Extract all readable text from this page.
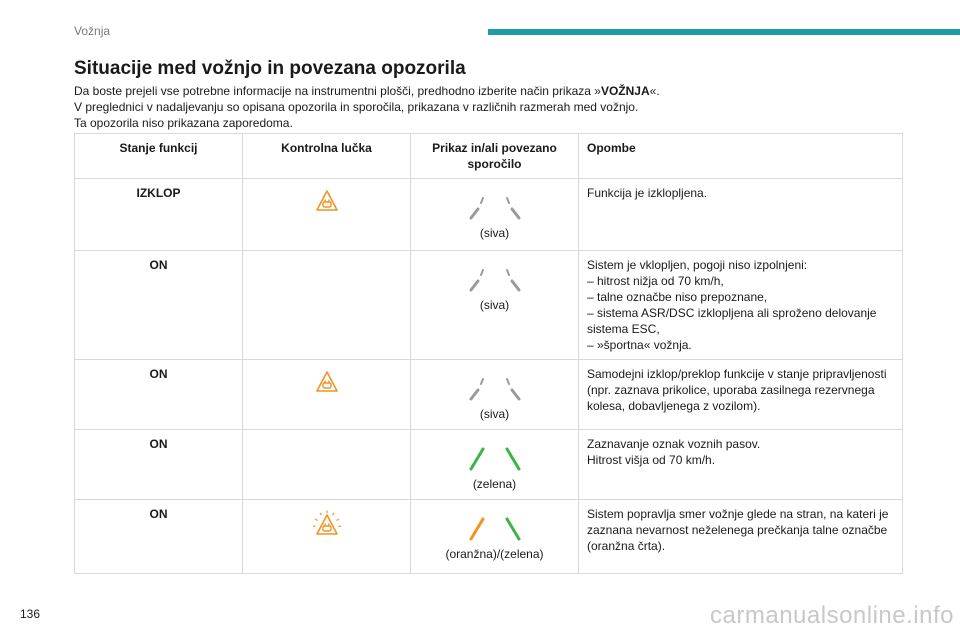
Vožnja
Situacije med vožnjo in povezana opozorila

Da boste prejeli vse potrebne informacije na instrumentni plošči, predhodno izberite način prikaza »VOŽNJA«.

V preglednici v nadaljevanju so opisana opozorila in sporočila, prikazana v različnih razmerah med vožnjo.

Ta opozorila niso prikazana zaporedoma.

Stanje funkcij	Kontrolna lučka	Prikaz in/ali povezano
sporočilo	Opombe
IZKLOP		(siva)	Funkcija je izklopljena.

ON		(siva)	Sistem je vklopljen, pogoji niso izpolnjeni:
– hitrost nižja od 70 km/h,
– talne označbe niso prepoznane,
– sistema ASR/DSC izklopljena ali sproženo delovanje sistema ESC,
– »športna« vožnja.

ON		(siva)	Samodejni izklop/preklop funkcije v stanje pripravljenosti (npr. zaznava prikolice, uporaba zasilnega rezervnega kolesa, dobavljenega z vozilom).

ON		(zelena)	Zaznavanje oznak voznih pasov.
Hitrost višja od 70 km/h.

ON		(oranžna)/(zelena)	Sistem popravlja smer vožnje glede na stran, na kateri je zaznana nevarnost neželenega prečkanja talne označbe (oranžna črta).
136	carmanualsonline.info
